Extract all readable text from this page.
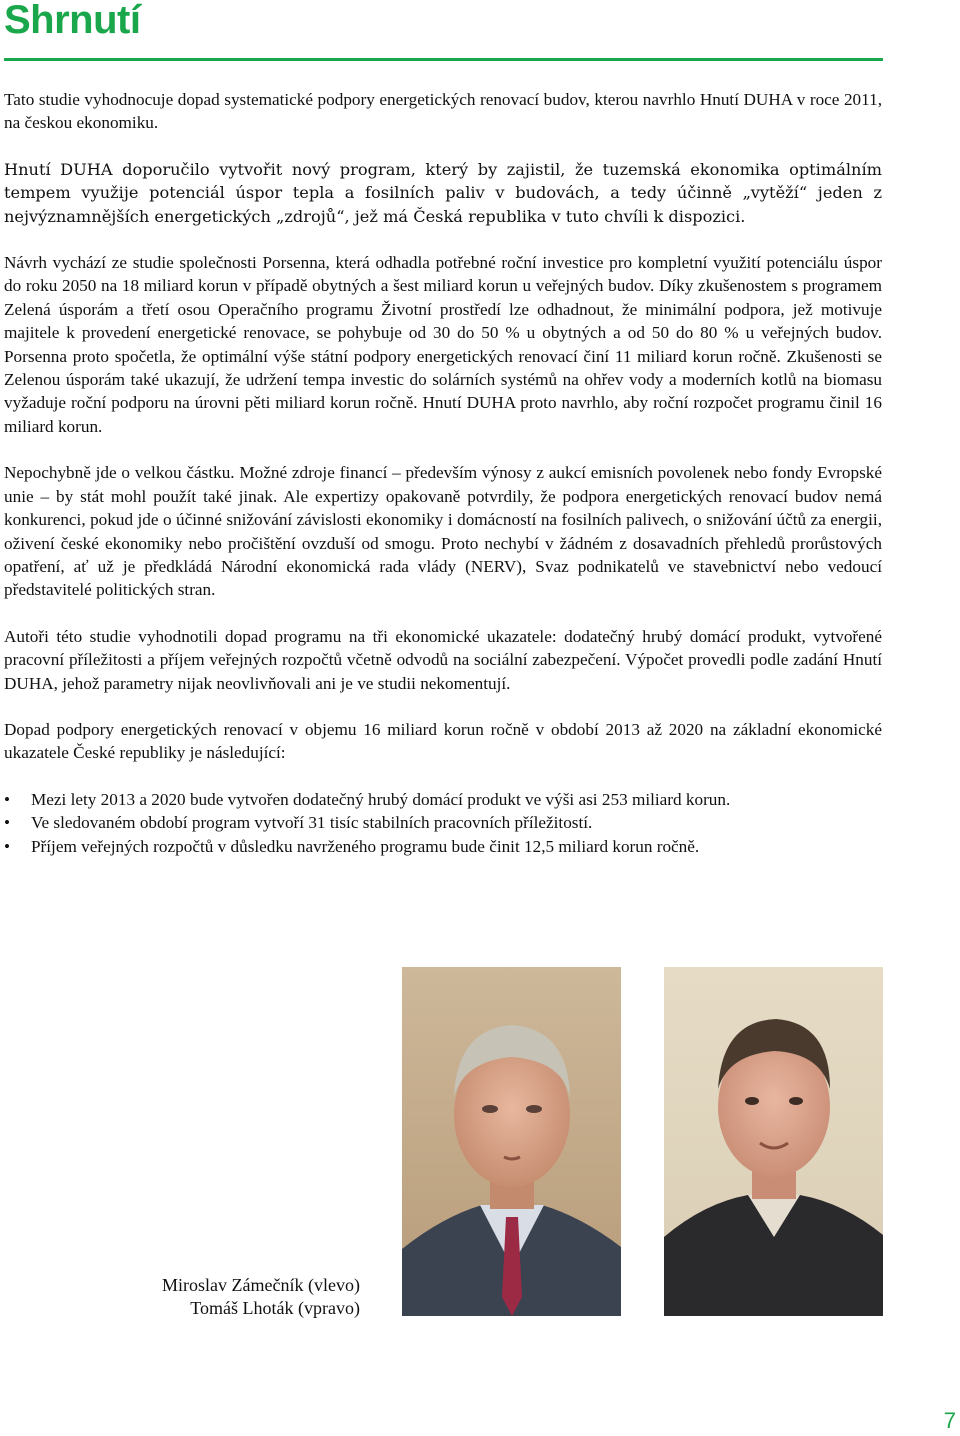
Shrnutí

Tato studie vyhodnocuje dopad systematické podpory energetických renovací budov, kterou navrhlo Hnutí DUHA v roce 2011, na českou ekonomiku.

Hnutí DUHA doporučilo vytvořit nový program, který by zajistil, že tuzemská ekonomika optimálním tempem využije potenciál úspor tepla a fosilních paliv v budovách, a tedy účinně „vytěží“ jeden z nejvýznamnějších energetických „zdrojů“, jež má Česká republika v tuto chvíli k dispozici.

Návrh vychází ze studie společnosti Porsenna, která odhadla potřebné roční investice pro kompletní využití potenciálu úspor do roku 2050 na 18 miliard korun v případě obytných a šest miliard korun u veřejných budov. Díky zkušenostem s programem Zelená úsporám a třetí osou Operačního programu Životní prostředí lze odhadnout, že minimální podpora, jež motivuje majitele k provedení energetické renovace, se pohybuje od 30 do 50 % u obytných a od 50 do 80 % u veřejných budov. Porsenna proto spočetla, že optimální výše státní podpory energetických renovací činí 11 miliard korun ročně. Zkušenosti se Zelenou úsporám také ukazují, že udržení tempa investic do solárních systémů na ohřev vody a moderních kotlů na biomasu vyžaduje roční podporu na úrovni pěti miliard korun ročně. Hnutí DUHA proto navrhlo, aby roční rozpočet programu činil 16 miliard korun.

Nepochybně jde o velkou částku. Možné zdroje financí – především výnosy z aukcí emisních povolenek nebo fondy Evropské unie – by stát mohl použít také jinak. Ale expertizy opakovaně potvrdily, že podpora energetických renovací budov nemá konkurenci, pokud jde o účinné snižování závislosti ekonomiky i domácností na fosilních palivech, o snižování účtů za energii, oživení české ekonomiky nebo pročištění ovzduší od smogu. Proto nechybí v žádném z dosavadních přehledů prorůstových opatření, ať už je předkládá Národní ekonomická rada vlády (NERV), Svaz podnikatelů ve stavebnictví nebo vedoucí představitelé politických stran.

Autoři této studie vyhodnotili dopad programu na tři ekonomické ukazatele: dodatečný hrubý domácí produkt, vytvořené pracovní příležitosti a příjem veřejných rozpočtů včetně odvodů na sociální zabezpečení. Výpočet provedli podle zadání Hnutí DUHA, jehož parametry nijak neovlivňovali ani je ve studii nekomentují.

Dopad podpory energetických renovací v objemu 16 miliard korun ročně v období 2013 až 2020 na základní ekonomické ukazatele České republiky je následující:

• Mezi lety 2013 a 2020 bude vytvořen dodatečný hrubý domácí produkt ve výši asi 253 miliard korun.
• Ve sledovaném období program vytvoří 31 tisíc stabilních pracovních příležitostí.
• Příjem veřejných rozpočtů v důsledku navrženého programu bude činit 12,5 miliard korun ročně.
Miroslav Zámečník (vlevo)
Tomáš Lhoták (vpravo)
7
